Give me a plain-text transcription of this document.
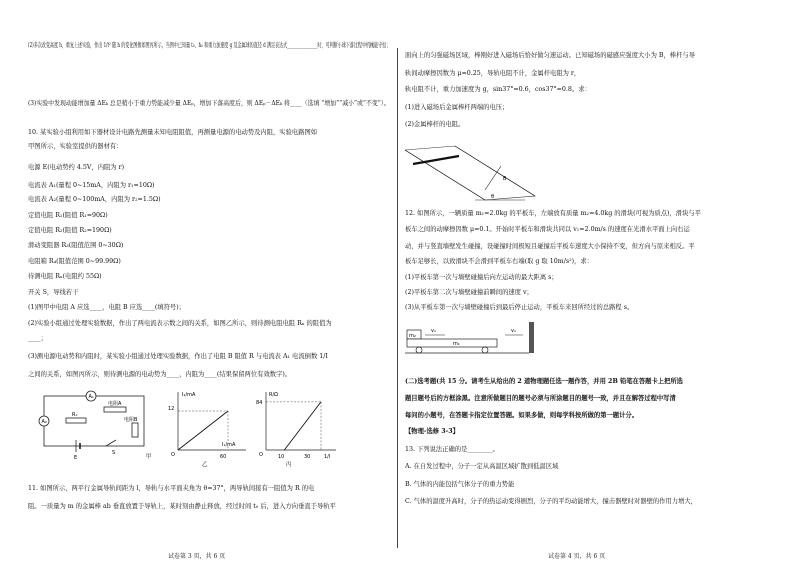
(2)多次改变高度 h，重复上述实验，作出 1/t² 随 h 的变化图像如图丙所示，当图中已知量 t₀、h₀ 和重力加速度 g 及金属球的直径 d 满足表达式_______________时，可判断小球下落过程中机械能守恒；
(3)实验中发现动能增加量 ΔEₖ 总是稍小于重力势能减少量 ΔEₚ，增加下落高度后，则 ΔEₚ－ΔEₖ 将____（选填 “增加”“减小”或“不变”）。
10. 某实验小组利用如下器材设计电路先测量未知电阻阻值，再测量电源的电动势及内阻，实验电路图如
甲图所示，实验室提供的器材有：
电源 E(电动势约 4.5V，内阻为 r)
电流表 A₁(量程 0~15mA，内阻为 r₁=10Ω)
电流表 A₂(量程 0~100mA，内阻为 r₂=1.5Ω)
定值电阻 R₁(阻值 R₁=90Ω)
定值电阻 R₂(阻值 R₂=190Ω)
滑动变阻器 R₃(阻值范围 0~30Ω)
电阻箱 R₄(阻值范围 0~99.99Ω)
待测电阻 Rₓ(电阻约 55Ω)
开关 S，导线若干
(1)图甲中电阻 A 应选____，电阻 B 应选____(填符号)；
(2)实验小组通过处理实验数据，作出了两电流表示数之间的关系，如图乙所示，则待测电阻电阻 Rₓ 的阻值为
____；
(3)测电源电动势和内阻时，某实验小组通过处理实验数据，作出了电阻 B 阻值 R 与电流表 A₁ 电流倒数 1/I
之间的关系，如图丙所示，则待测电源的电动势为____，内阻为____(结果保留两位有效数字)。
A₁
电阻A
Rₓ
A₂	电阻B
E
S
甲
I₂/mA
12
I₁/mA
60
O
乙
R/Ω
84
10	30	1/I
O
丙
11. 如图所示，两平行金属导轨间距为 l，导轨与水平面夹角为 θ=37°，两导轨间接有一阻值为 R 的电
阻。一质量为 m 的金属棒 ab 垂直放置于导轨上，某时刻由静止释放，经过时间 t₀ 后，进入方向垂直于导轨平
面向上的匀强磁场区域，棒刚好进入磁场后恰好做匀速运动。已知磁场的磁感应强度大小为 B，棒杆与导
轨间动摩擦因数为 μ=0.25，导轨电阻不计，金属杆电阻为 r，
轨电阻不计，重力加速度为 g，sin37°=0.6，cos37°=0.8。求：
(1)进入磁场后金属棒杆两端的电压；
(2)金属棒杆的电阻。
B
θ
12. 如图所示，一辆质量 m₁=2.0kg 的平板车，左端放有质量 m₂=4.0kg 的滑块(可视为质点)，滑块与平
板车之间的动摩擦因数 μ=0.1。开始时平板车和滑块共同以 v₁=2.0m/s 的速度在光滑水平面上向右运
动，并与竖直墙壁发生碰撞，设碰撞时间极短且碰撞后平板车速度大小保持不变，但方向与原来相反。平
板车足够长，以致滑块不会滑到平板车右端(取 g 取 10m/s²)，求：
(1)平板车第一次与墙壁碰撞后向左运动的最大距离 s；
(2)平板车第二次与墙壁碰撞前瞬间的速度 v；
(3)从平板车第一次与墙壁碰撞后到最后停止运动，平板车来回所经过的总路程 s。
m₂
v₁
m₁
v₁
(二)选考题(共 15 分。请考生从给出的 2 道物理题任选一题作答，并用 2B 铅笔在答题卡上把所选
题目题号后的方框涂黑。注意所做题目的题号必须与所涂题目的题号一致，并且在解答过程中写清
每问的小题号，在答题卡指定位置答题。如果多做，则每学科按所做的第一题计分。
【物理-选修 3-3】
13. 下列说法正确的是________。
A. 在自发过程中，分子一定从高温区域扩散到低温区域
B. 气体的内能包括气体分子的重力势能
C. 气体的温度升高时，分子的热运动变得剧烈，分子的平均动能增大，撞击器壁时对器壁的作用力增大，
试卷第 3 页，共 6 页	试卷第 4 页，共 6 页
